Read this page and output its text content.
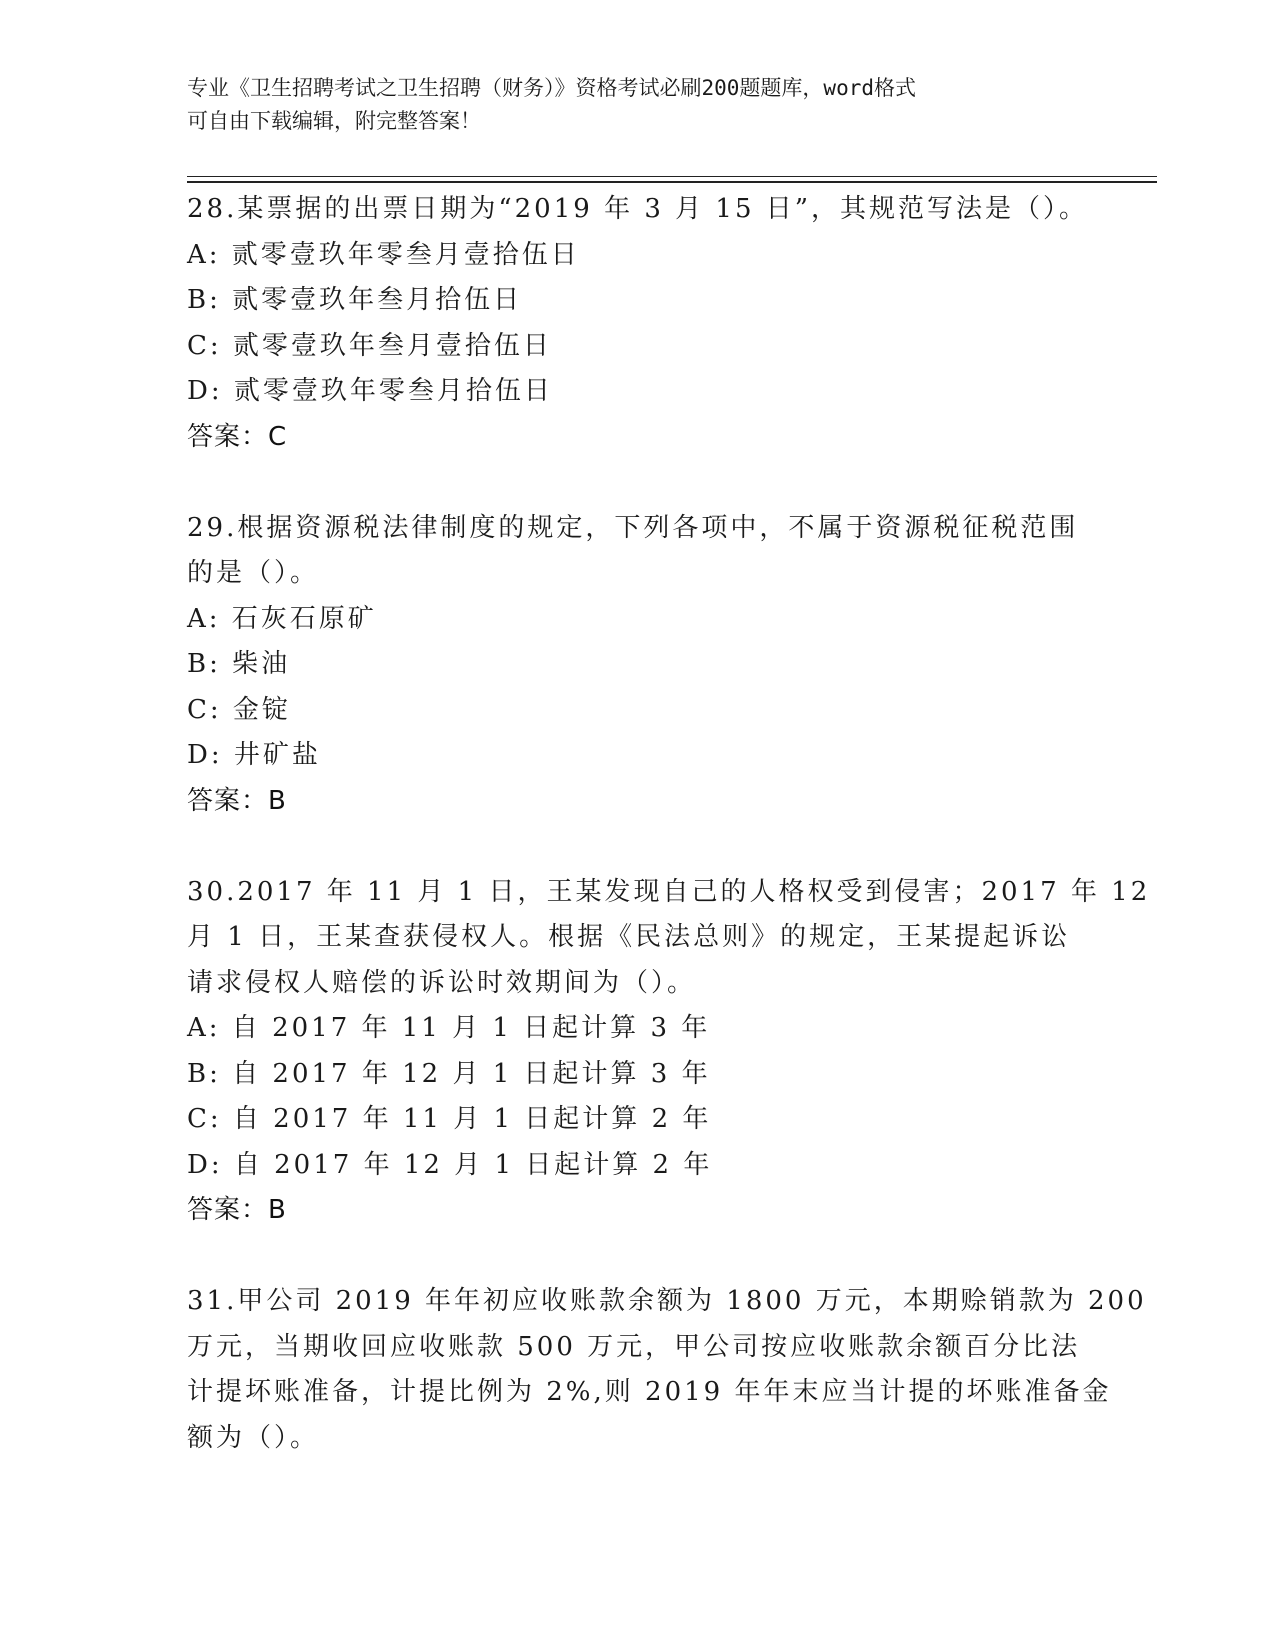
专业《卫生招聘考试之卫生招聘（财务）》资格考试必刷200题题库，word格式
可自由下载编辑，附完整答案！
28.某票据的出票日期为“2019 年 3 月 15 日”，其规范写法是（）。
A: 贰零壹玖年零叁月壹拾伍日
B: 贰零壹玖年叁月拾伍日
C: 贰零壹玖年叁月壹拾伍日
D: 贰零壹玖年零叁月拾伍日
答案：C
29.根据资源税法律制度的规定，下列各项中，不属于资源税征税范围
的是（）。
A: 石灰石原矿
B: 柴油
C: 金锭
D: 井矿盐
答案：B
30.2017 年 11 月 1 日，王某发现自己的人格权受到侵害；2017 年 12
月 1 日，王某查获侵权人。根据《民法总则》的规定，王某提起诉讼
请求侵权人赔偿的诉讼时效期间为（）。
A: 自 2017 年 11 月 1 日起计算 3 年
B: 自 2017 年 12 月 1 日起计算 3 年
C: 自 2017 年 11 月 1 日起计算 2 年
D: 自 2017 年 12 月 1 日起计算 2 年
答案：B
31.甲公司 2019 年年初应收账款余额为 1800 万元，本期赊销款为 200
万元，当期收回应收账款 500 万元，甲公司按应收账款余额百分比法
计提坏账准备，计提比例为 2%,则 2019 年年末应当计提的坏账准备金
额为（）。
